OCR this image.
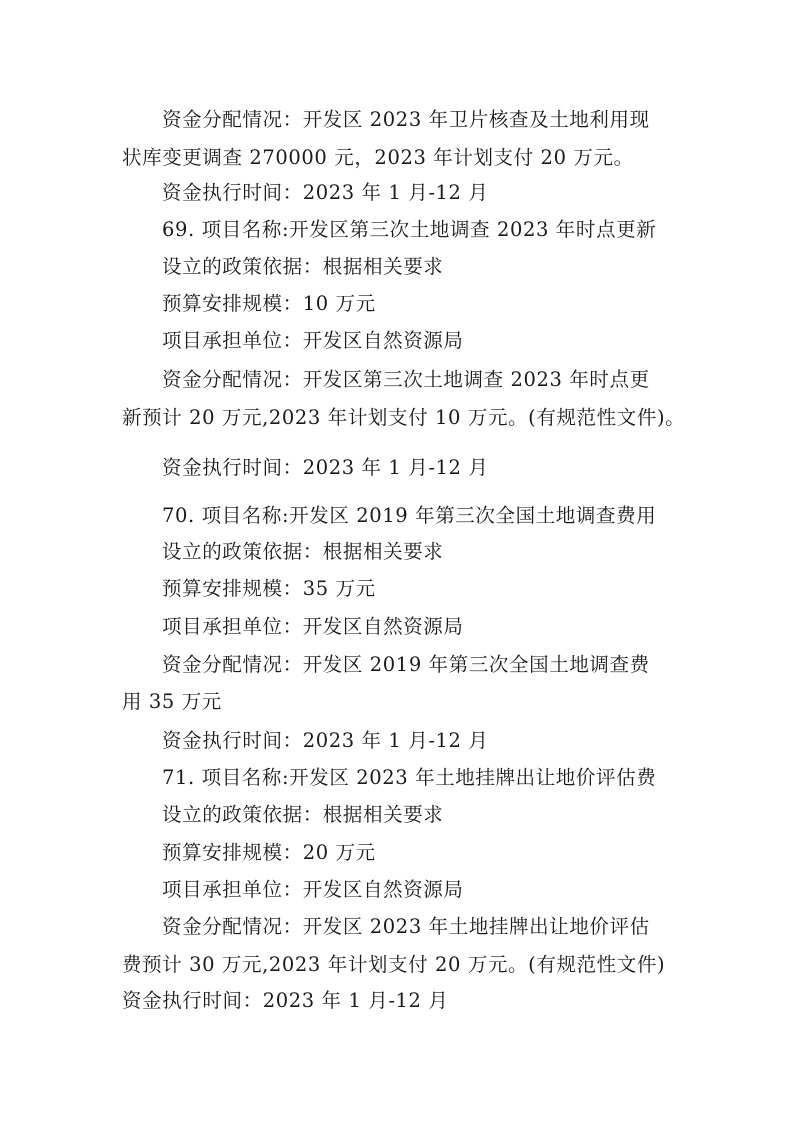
资金分配情况：开发区 2023 年卫片核查及土地利用现
状库变更调查 270000 元，2023 年计划支付 20 万元。
资金执行时间：2023 年 1 月-12 月
69. 项目名称:开发区第三次土地调查 2023 年时点更新
设立的政策依据：根据相关要求
预算安排规模：10 万元
项目承担单位：开发区自然资源局
资金分配情况：开发区第三次土地调查 2023 年时点更
新预计 20 万元,2023 年计划支付 10 万元。(有规范性文件)。
资金执行时间：2023 年 1 月-12 月
70. 项目名称:开发区 2019 年第三次全国土地调查费用
设立的政策依据：根据相关要求
预算安排规模：35 万元
项目承担单位：开发区自然资源局
资金分配情况：开发区 2019 年第三次全国土地调查费
用 35 万元
资金执行时间：2023 年 1 月-12 月
71. 项目名称:开发区 2023 年土地挂牌出让地价评估费
设立的政策依据：根据相关要求
预算安排规模：20 万元
项目承担单位：开发区自然资源局
资金分配情况：开发区 2023 年土地挂牌出让地价评估
费预计 30 万元,2023 年计划支付 20 万元。(有规范性文件)
资金执行时间：2023 年 1 月-12 月
